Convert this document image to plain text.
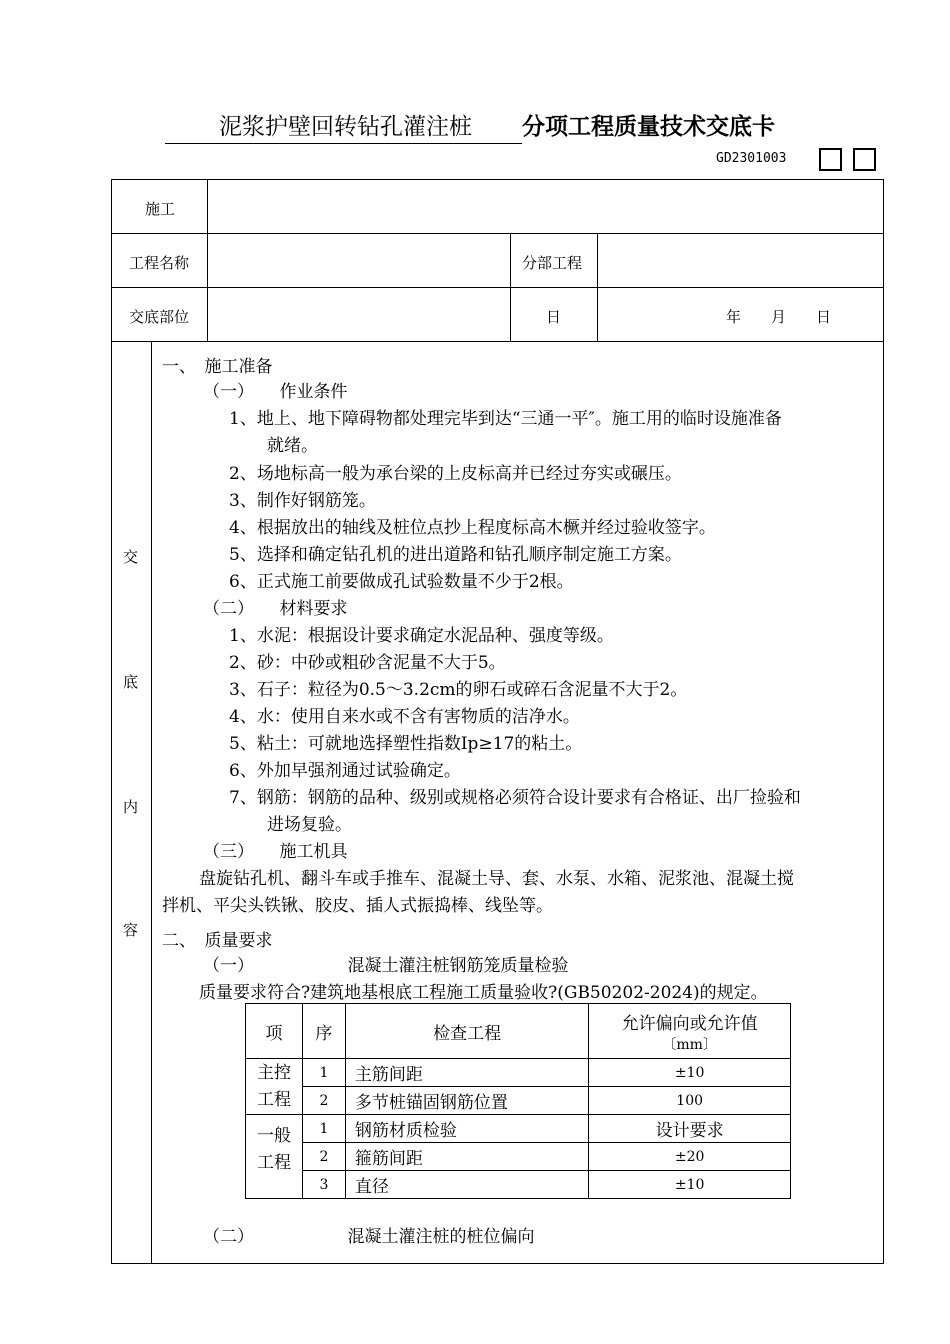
泥浆护壁回转钻孔灌注桩 分项工程质量技术交底卡
GD2301003
施工
工程名称	分部工程
交底部位	日	年　　月　　日
交
底
内
容
一、　施工准备
（一）　　作业条件
1、地上、地下障碍物都处理完毕到达“三通一平″。施工用的临时设施准备
就绪。
2、场地标高一般为承台梁的上皮标高并已经过夯实或碾压。
3、制作好钢筋笼。
4、根据放出的轴线及桩位点抄上程度标高木橛并经过验收签字。
5、选择和确定钻孔机的进出道路和钻孔顺序制定施工方案。
6、正式施工前要做成孔试验数量不少于2根。
（二）　　材料要求
1、水泥：根据设计要求确定水泥品种、强度等级。
2、砂：中砂或粗砂含泥量不大于5。
3、石子：粒径为0.5～3.2cm的卵石或碎石含泥量不大于2。
4、水：使用自来水或不含有害物质的洁净水。
5、粘土：可就地选择塑性指数Ip≥17的粘土。
6、外加早强剂通过试验确定。
7、钢筋：钢筋的品种、级别或规格必须符合设计要求有合格证、出厂捡验和
进场复验。
（三）　　施工机具
盘旋钻孔机、翻斗车或手推车、混凝土导、套、水泵、水箱、泥浆池、混凝土搅
拌机、平尖头铁锹、胶皮、插人式振捣棒、线坠等。
二、　质量要求
（一）　　　　　　混凝土灌注桩钢筋笼质量检验
质量要求符合?建筑地基根底工程施工质量验收?(GB50202-2024)的规定。
项	序	检查工程	允许偏向或允许值
〔mm〕

主控工程	1	主筋间距	±10
	2	多节桩锚固钢筋位置	100

一般工程	1	钢筋材质检验	设计要求
	2	箍筋间距	±20
	3	直径	±10
（二）　　　　　　混凝土灌注桩的桩位偏向
